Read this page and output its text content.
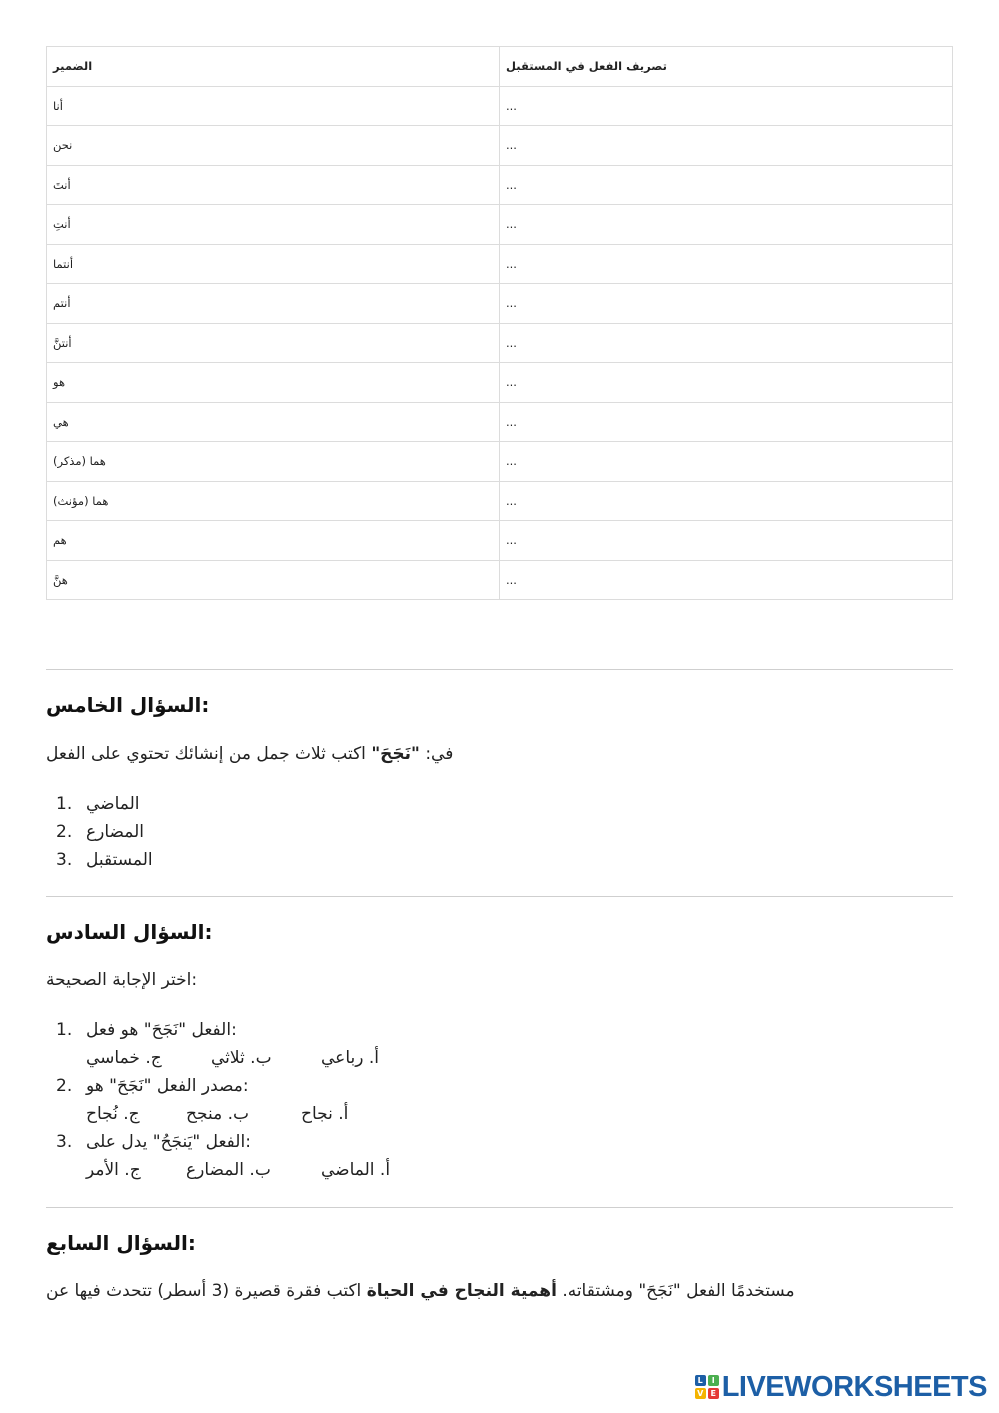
الضمير	تصريف الفعل في المستقبل
أنا	...
نحن	...
أنتَ	...
أنتِ	...
أنتما	...
أنتم	...
أنتنَّ	...
هو	...
هي	...
هما (مذكر)	...
هما (مؤنث)	...
هم	...
هنَّ	...
السؤال الخامس:
في: "نَجَحَ" اكتب ثلاث جمل من إنشائك تحتوي على الفعل
1. الماضي
2. المضارع
3. المستقبل
السؤال السادس:
اختر الإجابة الصحيحة:
1. الفعل "نَجَحَ" هو فعل:
ج. خماسي	ب. ثلاثي	أ. رباعي
2. مصدر الفعل "نَجَحَ" هو:
ج. نُجاح	ب. منجح	أ. نجاح
3. الفعل "يَنجَحُ" يدل على:
ج. الأمر	ب. المضارع	أ. الماضي
السؤال السابع:
مستخدمًا الفعل "نَجَحَ" ومشتقاته. أهمية النجاح في الحياة اكتب فقرة قصيرة (3 أسطر) تتحدث فيها عن
L	I
V E LIVEWORKSHEETS
